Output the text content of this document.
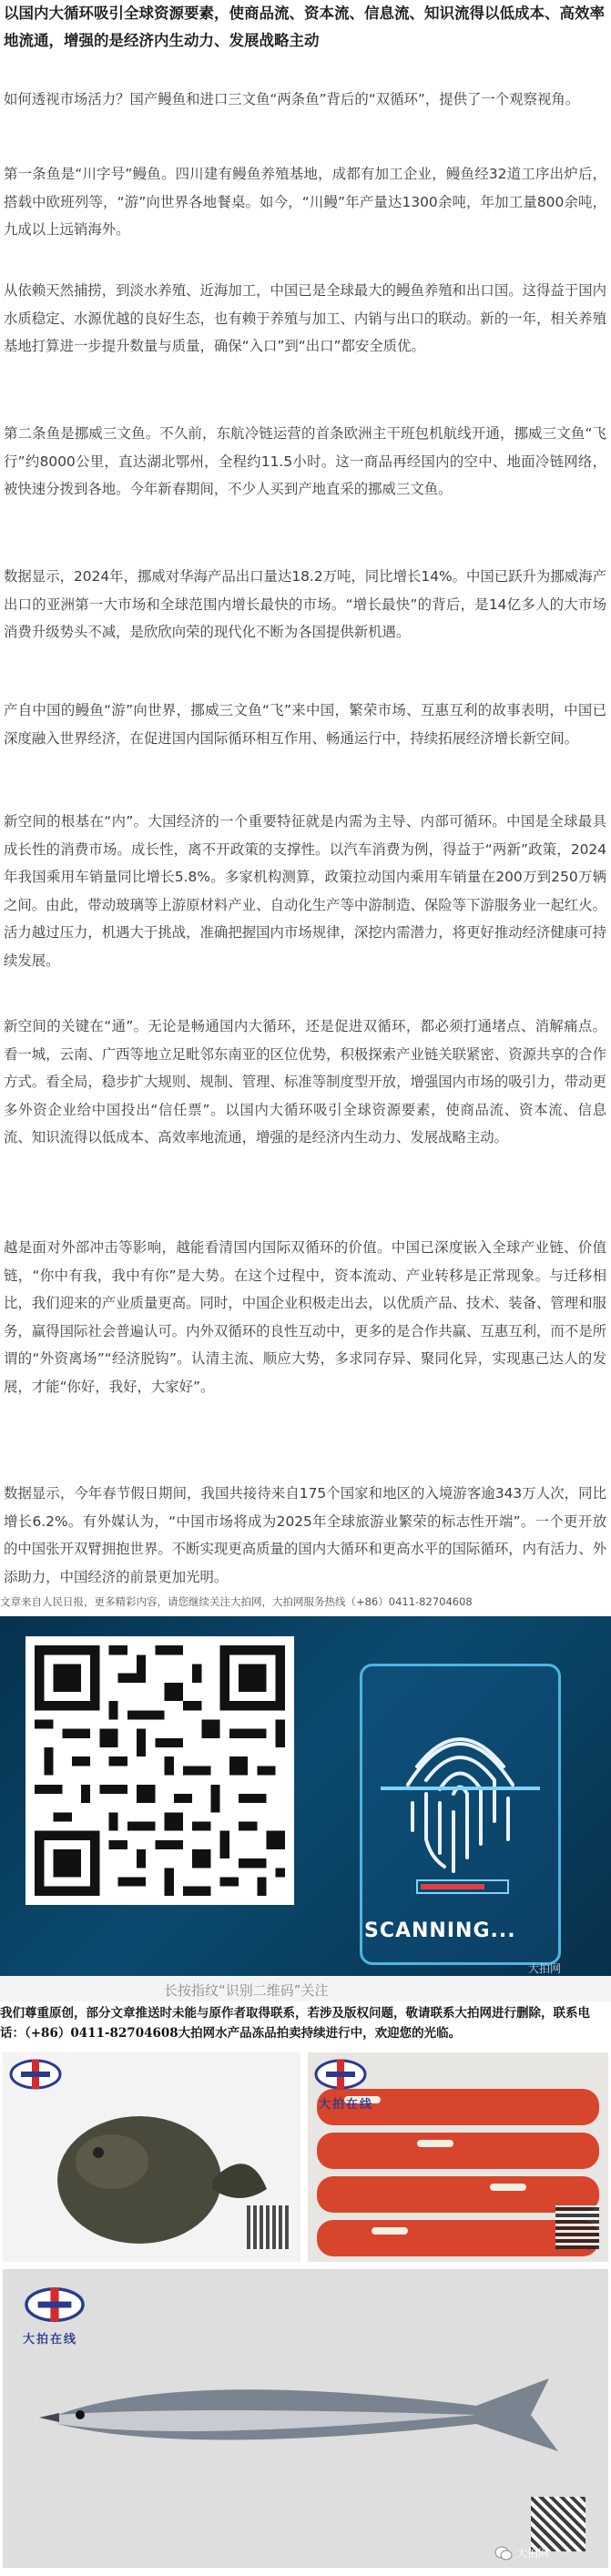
以国内大循环吸引全球资源要素，使商品流、资本流、信息流、知识流得以低成本、高效率地流通，增强的是经济内生动力、发展战略主动

如何透视市场活力？国产鳗鱼和进口三文鱼“两条鱼”背后的“双循环”，提供了一个观察视角。

第一条鱼是“川字号”鳗鱼。四川建有鳗鱼养殖基地，成都有加工企业，鳗鱼经32道工序出炉后，搭载中欧班列等，“游”向世界各地餐桌。如今，“川鳗”年产量达1300余吨，年加工量800余吨，九成以上远销海外。

从依赖天然捕捞，到淡水养殖、近海加工，中国已是全球最大的鳗鱼养殖和出口国。这得益于国内水质稳定、水源优越的良好生态，也有赖于养殖与加工、内销与出口的联动。新的一年，相关养殖基地打算进一步提升数量与质量，确保“入口”到“出口”都安全质优。

第二条鱼是挪威三文鱼。不久前，东航冷链运营的首条欧洲主干班包机航线开通，挪威三文鱼“飞行”约8000公里，直达湖北鄂州，全程约11.5小时。这一商品再经国内的空中、地面冷链网络，被快速分拨到各地。今年新春期间，不少人买到产地直采的挪威三文鱼。

数据显示，2024年，挪威对华海产品出口量达18.2万吨，同比增长14%。中国已跃升为挪威海产出口的亚洲第一大市场和全球范围内增长最快的市场。“增长最快”的背后，是14亿多人的大市场消费升级势头不减，是欣欣向荣的现代化不断为各国提供新机遇。

产自中国的鳗鱼“游”向世界，挪威三文鱼“飞”来中国，繁荣市场、互惠互利的故事表明，中国已深度融入世界经济，在促进国内国际循环相互作用、畅通运行中，持续拓展经济增长新空间。

新空间的根基在“内”。大国经济的一个重要特征就是内需为主导、内部可循环。中国是全球最具成长性的消费市场。成长性，离不开政策的支撑性。以汽车消费为例，得益于“两新”政策，2024年我国乘用车销量同比增长5.8%。多家机构测算，政策拉动国内乘用车销量在200万到250万辆之间。由此，带动玻璃等上游原材料产业、自动化生产等中游制造、保险等下游服务业一起红火。活力越过压力，机遇大于挑战，准确把握国内市场规律，深挖内需潜力，将更好推动经济健康可持续发展。

新空间的关键在“通”。无论是畅通国内大循环，还是促进双循环，都必须打通堵点、消解痛点。看一城，云南、广西等地立足毗邻东南亚的区位优势，积极探索产业链关联紧密、资源共享的合作方式。看全局，稳步扩大规则、规制、管理、标准等制度型开放，增强国内市场的吸引力，带动更多外资企业给中国投出“信任票”。以国内大循环吸引全球资源要素，使商品流、资本流、信息流、知识流得以低成本、高效率地流通，增强的是经济内生动力、发展战略主动。

越是面对外部冲击等影响，越能看清国内国际双循环的价值。中国已深度嵌入全球产业链、价值链，“你中有我，我中有你”是大势。在这个过程中，资本流动、产业转移是正常现象。与迁移相比，我们迎来的产业质量更高。同时，中国企业积极走出去，以优质产品、技术、装备、管理和服务，赢得国际社会普遍认可。内外双循环的良性互动中，更多的是合作共赢、互惠互利，而不是所谓的“外资离场”“经济脱钩”。认清主流、顺应大势，多求同存异、聚同化异，实现惠己达人的发展，才能“你好，我好，大家好”。

数据显示，今年春节假日期间，我国共接待来自175个国家和地区的入境游客逾343万人次，同比增长6.2%。有外媒认为，“中国市场将成为2025年全球旅游业繁荣的标志性开端”。一个更开放的中国张开双臂拥抱世界。不断实现更高质量的国内大循环和更高水平的国际循环，内有活力、外添助力，中国经济的前景更加光明。

文章来自人民日报，更多精彩内容，请您继续关注大拍网，大拍网服务热线（+86）0411-82704608
SCANNING...
长按指纹“识别二维码”关注
大拍网

我们尊重原创，部分文章推送时未能与原作者取得联系，若涉及版权问题，敬请联系大拍网进行删除，联系电话：（+86）0411-82704608大拍网水产品冻品拍卖持续进行中，欢迎您的光临。

大拍在线
大拍在线
大拍网
